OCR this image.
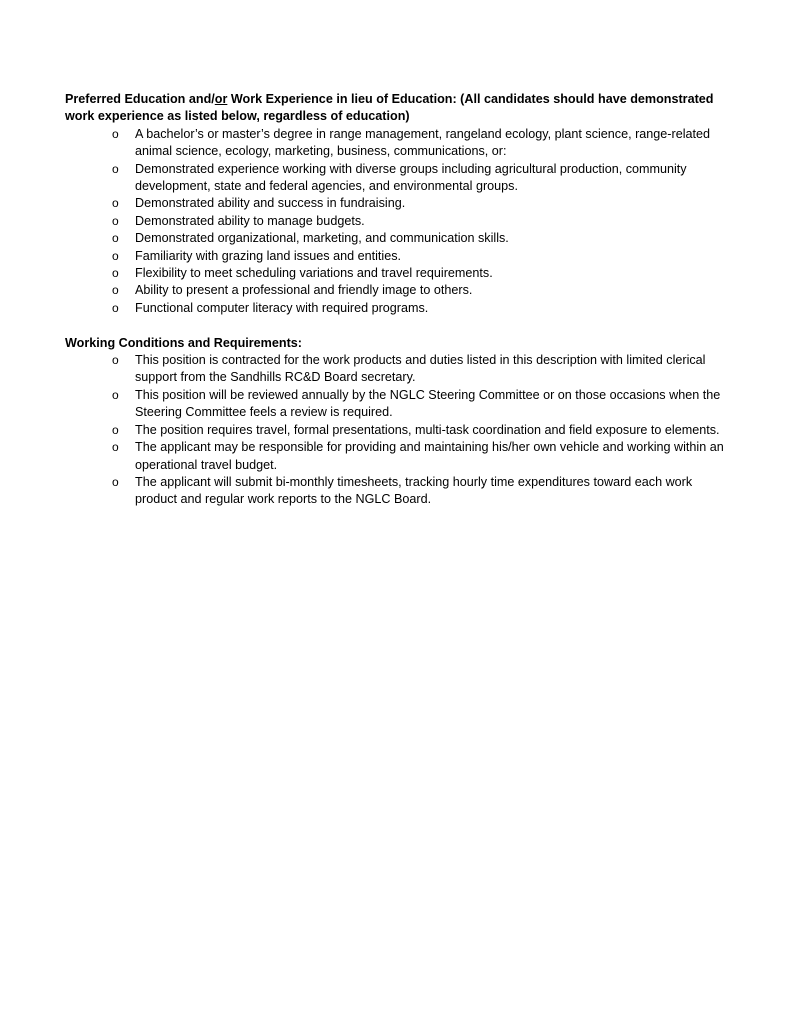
Preferred Education and/or Work Experience in lieu of Education: (All candidates should have demonstrated work experience as listed below, regardless of education)

o A bachelor’s or master’s degree in range management, rangeland ecology, plant science, range-related animal science, ecology, marketing, business, communications, or:
o Demonstrated experience working with diverse groups including agricultural production, community development, state and federal agencies, and environmental groups.
o Demonstrated ability and success in fundraising.
o Demonstrated ability to manage budgets.
o Demonstrated organizational, marketing, and communication skills.
o Familiarity with grazing land issues and entities.
o Flexibility to meet scheduling variations and travel requirements.
o Ability to present a professional and friendly image to others.
o Functional computer literacy with required programs.

Working Conditions and Requirements:

o This position is contracted for the work products and duties listed in this description with limited clerical support from the Sandhills RC&D Board secretary.
o This position will be reviewed annually by the NGLC Steering Committee or on those occasions when the Steering Committee feels a review is required.
o The position requires travel, formal presentations, multi-task coordination and field exposure to elements.
o The applicant may be responsible for providing and maintaining his/her own vehicle and working within an operational travel budget.
o The applicant will submit bi-monthly timesheets, tracking hourly time expenditures toward each work product and regular work reports to the NGLC Board.
